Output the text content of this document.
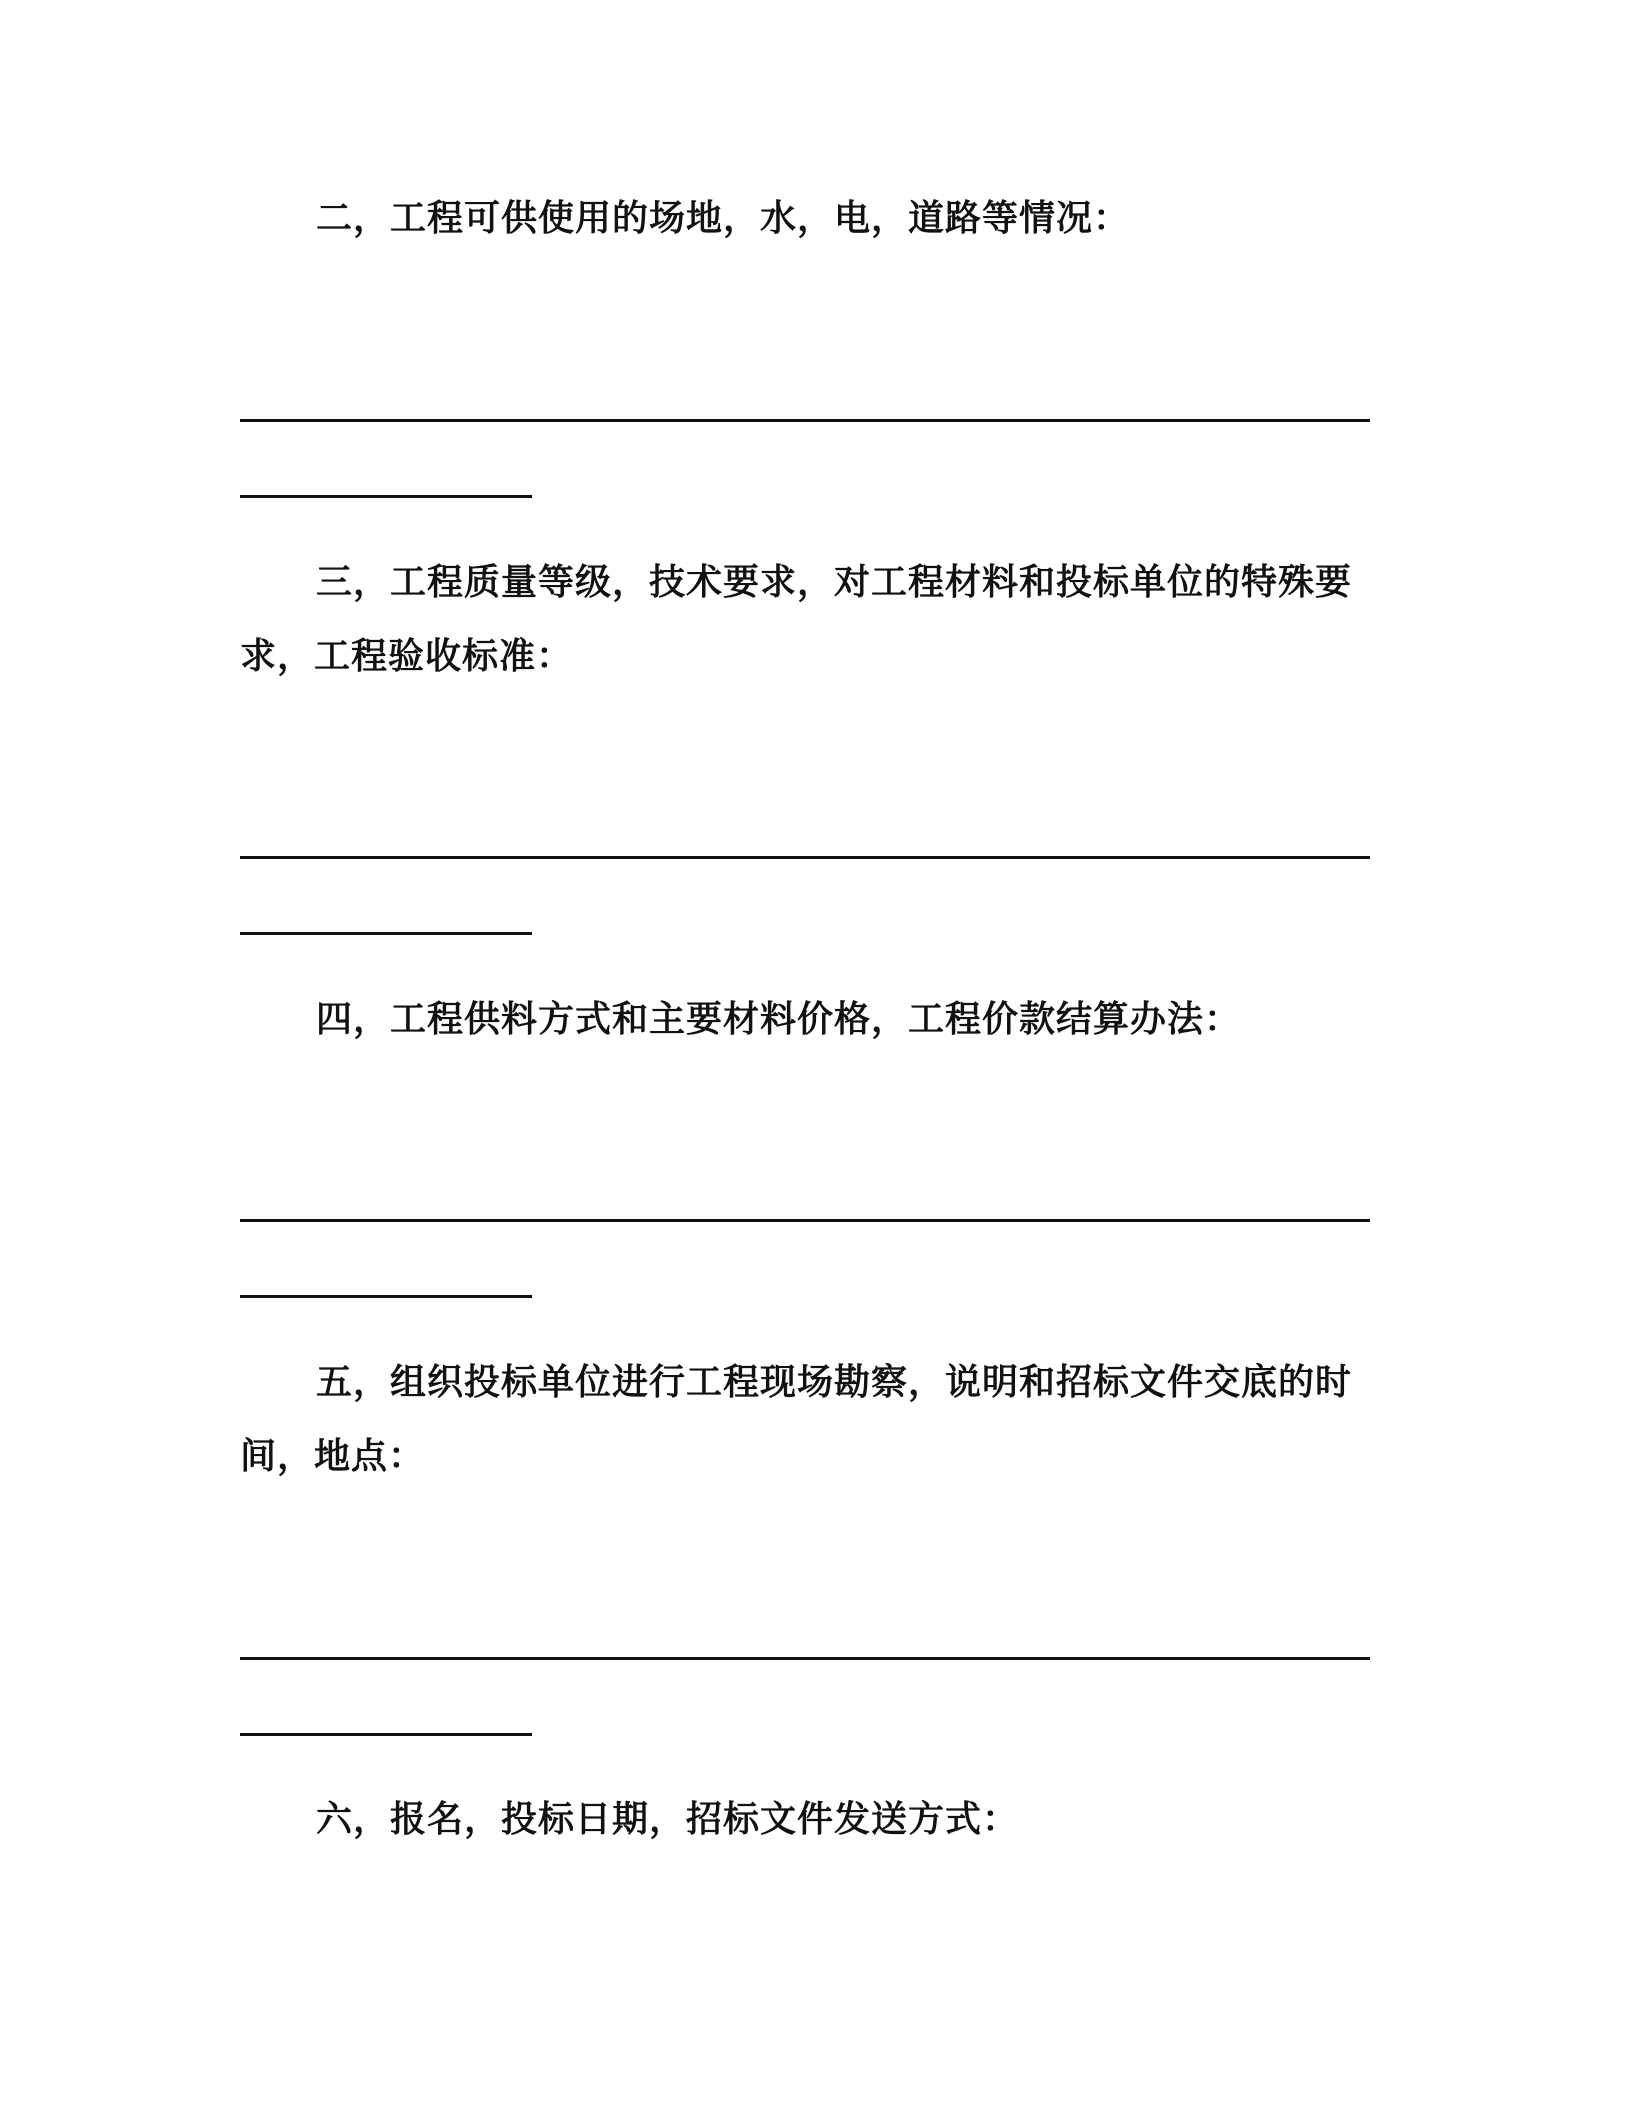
二，工程可供使用的场地，水，电，道路等情况：

三，工程质量等级，技术要求，对工程材料和投标单位的特殊要
求，工程验收标准：

四，工程供料方式和主要材料价格，工程价款结算办法：

五，组织投标单位进行工程现场勘察，说明和招标文件交底的时
间，地点：

六，报名，投标日期，招标文件发送方式：
